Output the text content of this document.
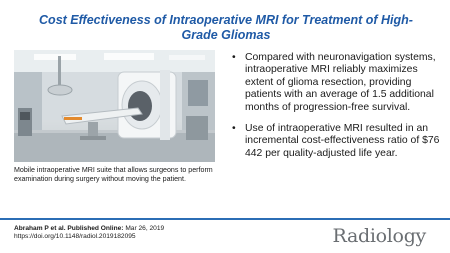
Cost Effectiveness of Intraoperative MRI for Treatment of High-
Grade Gliomas
Mobile intraoperative MRI suite that allows surgeons to perform examination during surgery without moving the patient.
• Compared with neuronavigation systems, intraoperative MRI reliably maximizes extent of glioma resection, providing patients with an average of 1.5 additional months of progression-free survival.
• Use of intraoperative MRI resulted in an incremental cost-effectiveness ratio of $76 442 per quality-adjusted life year.
Abraham P et al. Published Online: Mar 26, 2019
https://doi.org/10.1148/radiol.2019182095	Radiology
